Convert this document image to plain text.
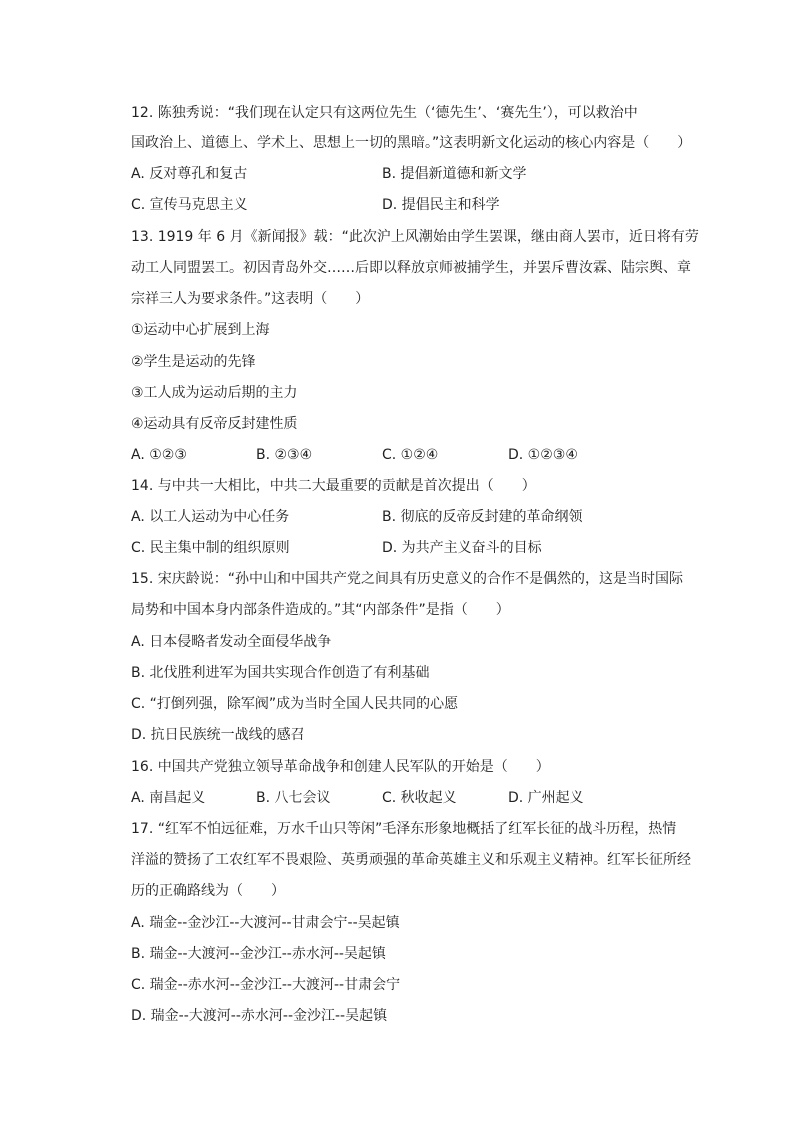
12. 陈独秀说：“我们现在认定只有这两位先生（‘德先生’、‘赛先生’），可以救治中
国政治上、道德上、学术上、思想上一切的黑暗。”这表明新文化运动的核心内容是（　　）
A. 反对尊孔和复古	B. 提倡新道德和新文学
C. 宣传马克思主义	D. 提倡民主和科学
13. 1919 年 6 月《新闻报》载：“此次沪上风潮始由学生罢课，继由商人罢市，近日将有劳
动工人同盟罢工。初因青岛外交……后即以释放京师被捕学生，并罢斥曹汝霖、陆宗舆、章
宗祥三人为要求条件。”这表明（　　）
①运动中心扩展到上海
②学生是运动的先锋
③工人成为运动后期的主力
④运动具有反帝反封建性质
A. ①②③	B. ②③④	C. ①②④	D. ①②③④
14. 与中共一大相比，中共二大最重要的贡献是首次提出（　　）
A. 以工人运动为中心任务	B. 彻底的反帝反封建的革命纲领
C. 民主集中制的组织原则	D. 为共产主义奋斗的目标
15. 宋庆龄说：“孙中山和中国共产党之间具有历史意义的合作不是偶然的，这是当时国际
局势和中国本身内部条件造成的。”其“内部条件”是指（　　）
A. 日本侵略者发动全面侵华战争
B. 北伐胜利进军为国共实现合作创造了有利基础
C. “打倒列强，除军阀”成为当时全国人民共同的心愿
D. 抗日民族统一战线的感召
16. 中国共产党独立领导革命战争和创建人民军队的开始是（　　）
A. 南昌起义	B. 八七会议	C. 秋收起义	D. 广州起义
17. “红军不怕远征难，万水千山只等闲”毛泽东形象地概括了红军长征的战斗历程，热情
洋溢的赞扬了工农红军不畏艰险、英勇顽强的革命英雄主义和乐观主义精神。红军长征所经
历的正确路线为（　　）
A. 瑞金--金沙江--大渡河--甘肃会宁--吴起镇
B. 瑞金--大渡河--金沙江--赤水河--吴起镇
C. 瑞金--赤水河--金沙江--大渡河--甘肃会宁
D. 瑞金--大渡河--赤水河--金沙江--吴起镇
